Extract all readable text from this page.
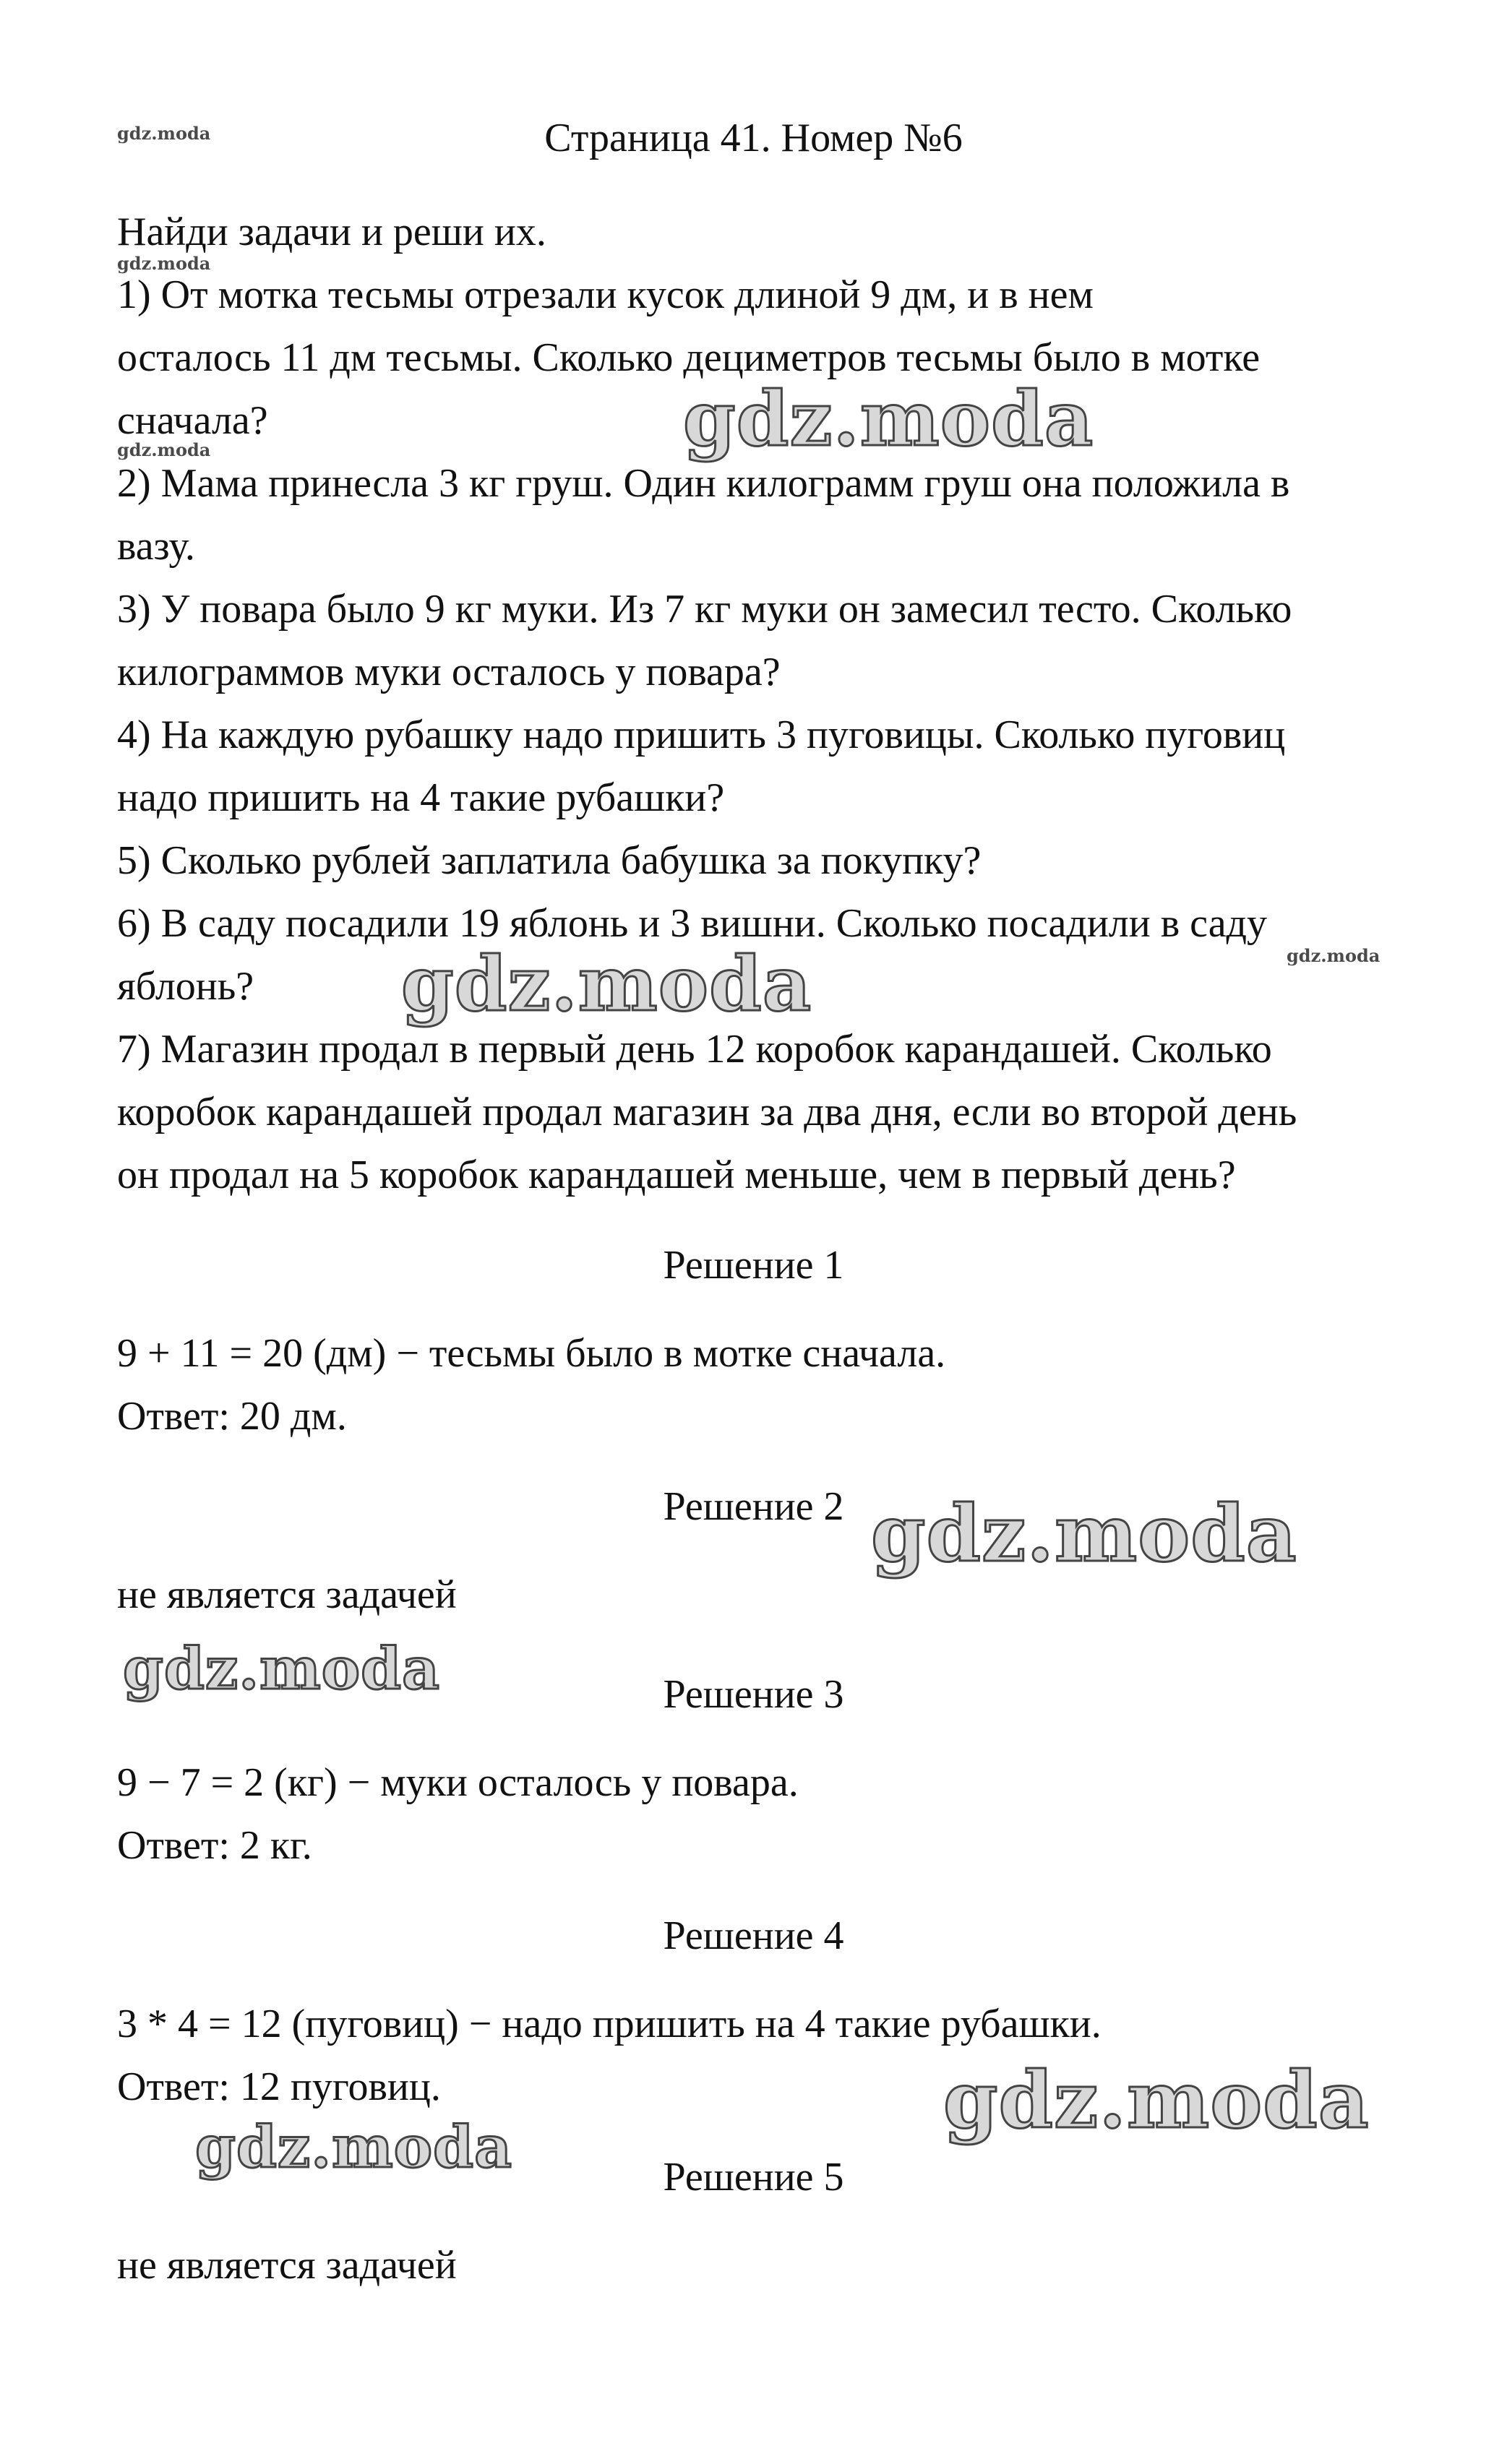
Страница 41. Номер №6
Найди задачи и реши их.
1) От мотка тесьмы отрезали кусок длиной 9 дм, и в нем
осталось 11 дм тесьмы. Сколько дециметров тесьмы было в мотке
сначала?
2) Мама принесла 3 кг груш. Один килограмм груш она положила в
вазу.
3) У повара было 9 кг муки. Из 7 кг муки он замесил тесто. Сколько
килограммов муки осталось у повара?
4) На каждую рубашку надо пришить 3 пуговицы. Сколько пуговиц
надо пришить на 4 такие рубашки?
5) Сколько рублей заплатила бабушка за покупку?
6) В саду посадили 19 яблонь и 3 вишни. Сколько посадили в саду
яблонь?
7) Магазин продал в первый день 12 коробок карандашей. Сколько
коробок карандашей продал магазин за два дня, если во второй день
он продал на 5 коробок карандашей меньше, чем в первый день?
Решение 1
9 + 11 = 20 (дм) − тесьмы было в мотке сначала.
Ответ: 20 дм.
Решение 2
не является задачей
Решение 3
9 − 7 = 2 (кг) − муки осталось у повара.
Ответ: 2 кг.
Решение 4
3 * 4 = 12 (пуговиц) − надо пришить на 4 такие рубашки.
Ответ: 12 пуговиц.
Решение 5
не является задачей
gdz.moda
gdz.moda
gdz.moda
gdz.moda
gdz.moda
gdz.moda
gdz.moda
gdz.moda
gdz.moda
gdz.moda
